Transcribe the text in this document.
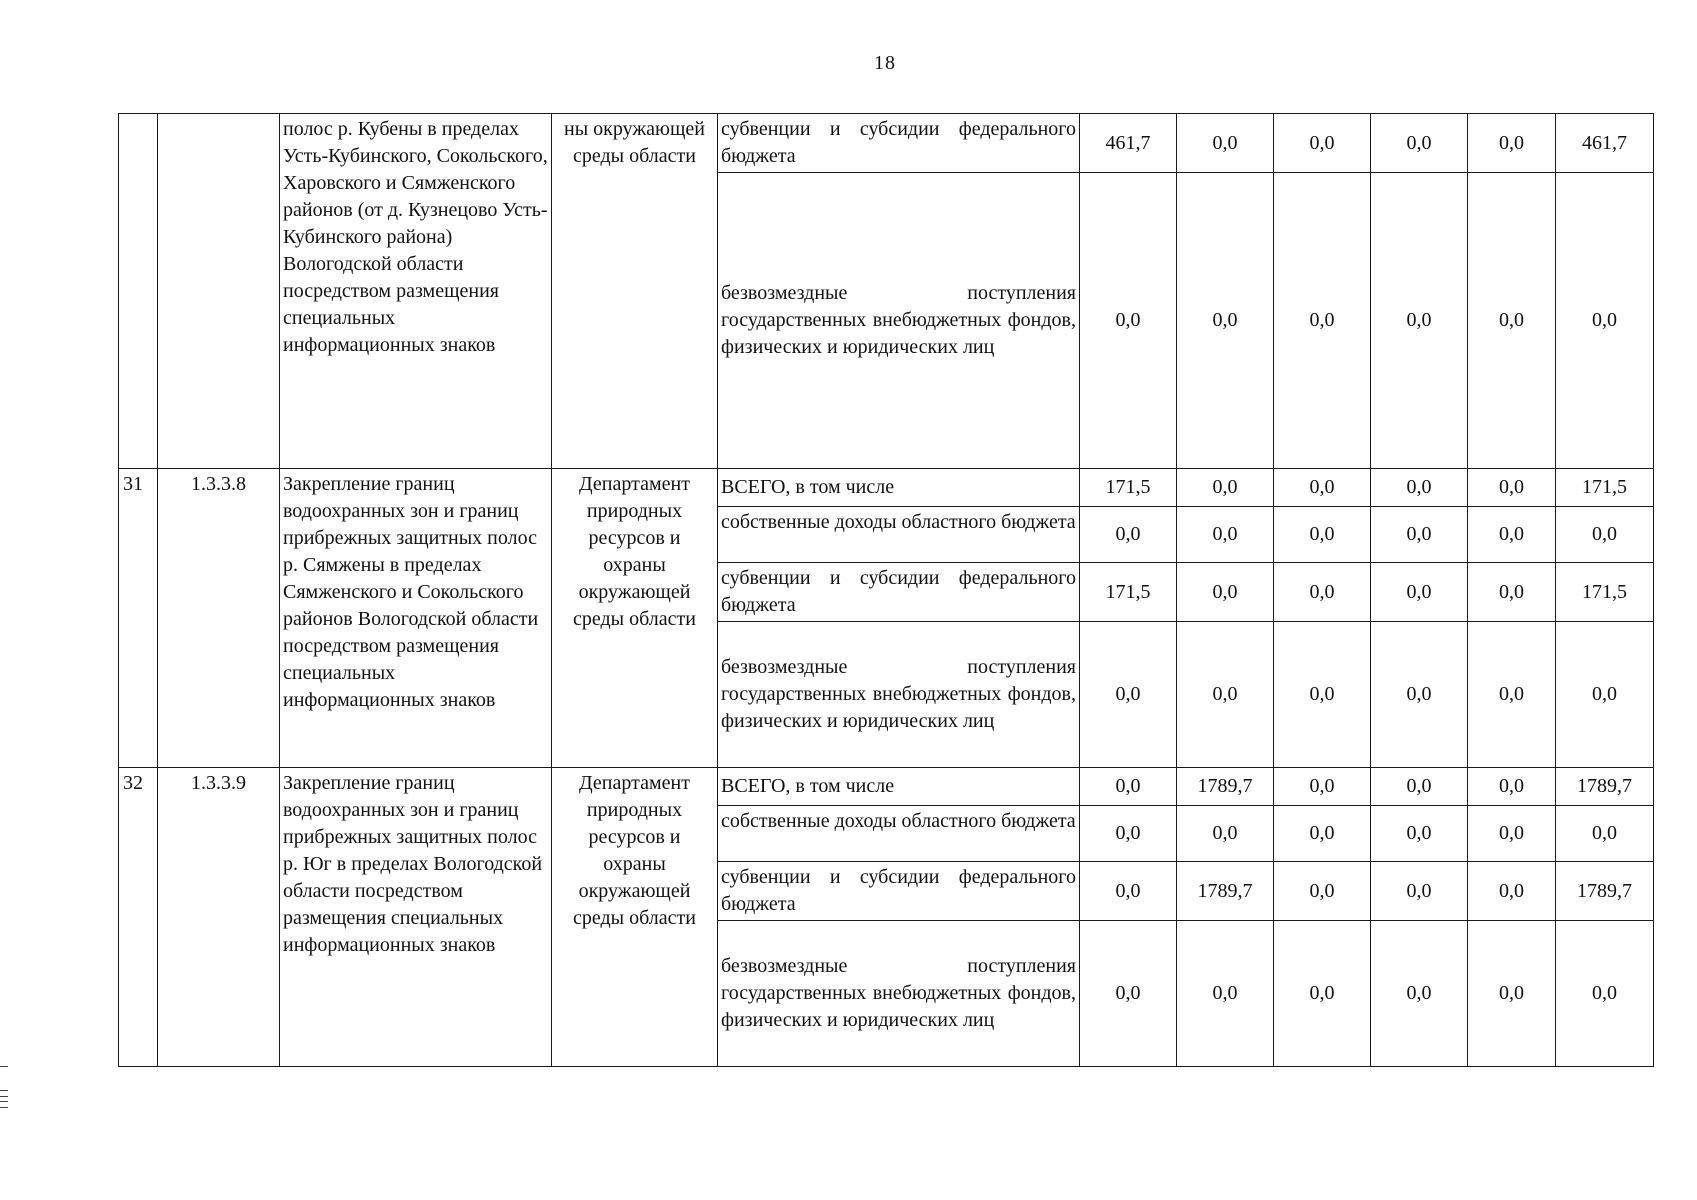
18
		полос р. Кубены в пределах Усть-Кубинского, Сокольского, Харовского и Сямженского районов (от д. Кузнецово Усть-Кубинского района) Вологодской области посредством размещения специальных информационных знаков	ны окружающей среды области	субвенции и субсидии федерального бюджета	461,7	0,0	0,0	0,0	0,0	461,7
				безвозмездные поступления государственных внебюджетных фондов, физических и юридических лиц	0,0	0,0	0,0	0,0	0,0	0,0
31	1.3.3.8	Закрепление границ водоохранных зон и границ прибрежных защитных полос р. Сямжены в пределах Сямженского и Сокольского районов Вологодской области посредством размещения специальных информационных знаков	Департамент природных ресурсов и охраны окружающей среды области	ВСЕГО, в том числе	171,5	0,0	0,0	0,0	0,0	171,5
				собственные доходы областного бюджета	0,0	0,0	0,0	0,0	0,0	0,0
				субвенции и субсидии федерального бюджета	171,5	0,0	0,0	0,0	0,0	171,5
				безвозмездные поступления государственных внебюджетных фондов, физических и юридических лиц	0,0	0,0	0,0	0,0	0,0	0,0
32	1.3.3.9	Закрепление границ водоохранных зон и границ прибрежных защитных полос р. Юг в пределах Вологодской области посредством размещения специальных информационных знаков	Департамент природных ресурсов и охраны окружающей среды области	ВСЕГО, в том числе	0,0	1789,7	0,0	0,0	0,0	1789,7
				собственные доходы областного бюджета	0,0	0,0	0,0	0,0	0,0	0,0
				субвенции и субсидии федерального бюджета	0,0	1789,7	0,0	0,0	0,0	1789,7
				безвозмездные поступления государственных внебюджетных фондов, физических и юридических лиц	0,0	0,0	0,0	0,0	0,0	0,0
